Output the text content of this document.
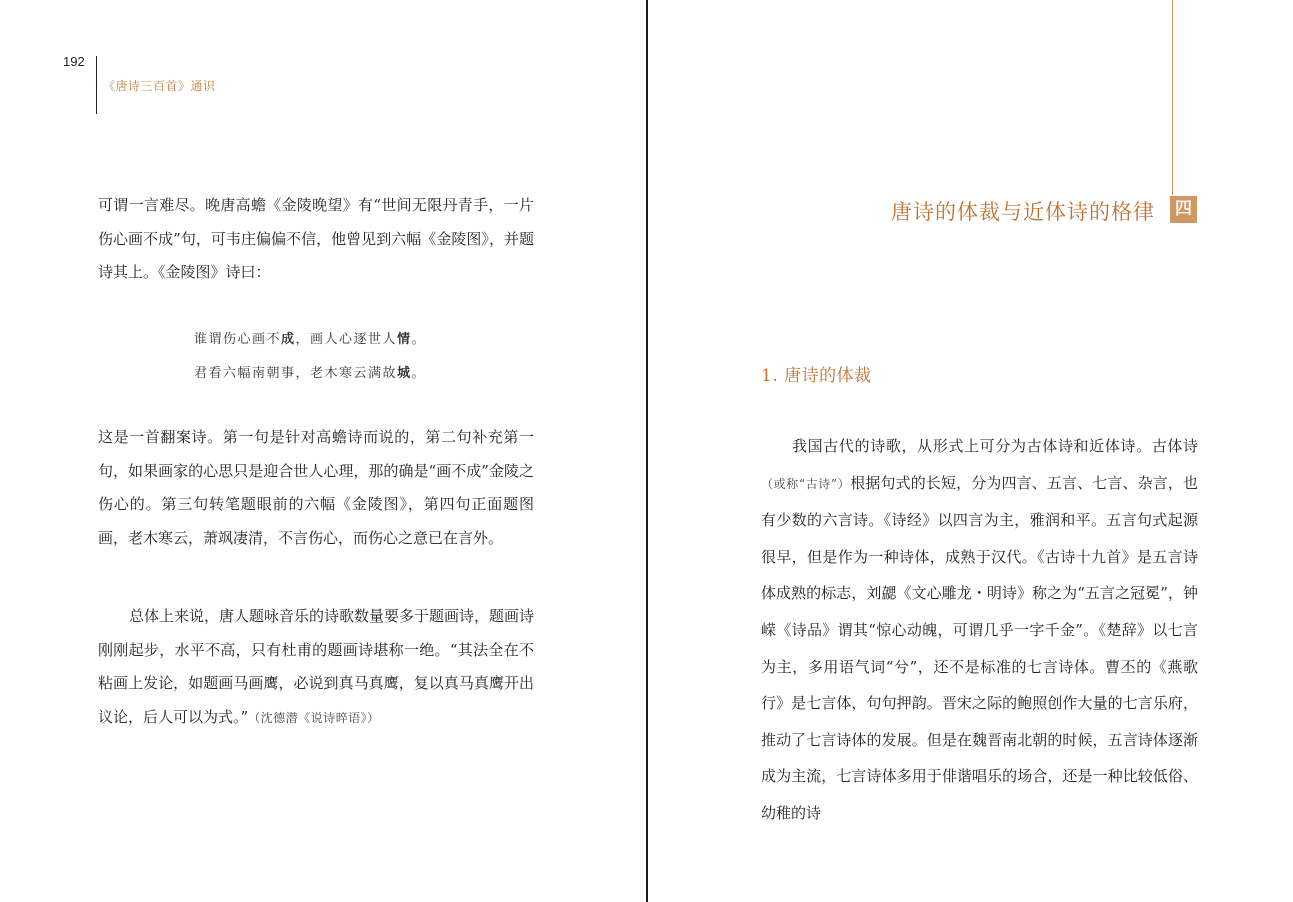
192
《唐诗三百首》通识

可谓一言难尽。晚唐高蟾《金陵晚望》有“世间无限丹青手，一片伤心画不成”句，可韦庄偏偏不信，他曾见到六幅《金陵图》，并题诗其上。《金陵图》诗曰：

谁谓伤心画不成，画人心逐世人情。
君看六幅南朝事，老木寒云满故城。

这是一首翻案诗。第一句是针对高蟾诗而说的，第二句补充第一句，如果画家的心思只是迎合世人心理，那的确是“画不成”金陵之伤心的。第三句转笔题眼前的六幅《金陵图》，第四句正面题图画，老木寒云，萧飒凄清，不言伤心，而伤心之意已在言外。

总体上来说，唐人题咏音乐的诗歌数量要多于题画诗，题画诗刚刚起步，水平不高，只有杜甫的题画诗堪称一绝。“其法全在不粘画上发论，如题画马画鹰，必说到真马真鹰，复以真马真鹰开出议论，后人可以为式。”（沈德潜《说诗晬语》）

唐诗的体裁与近体诗的格律 四
1. 唐诗的体裁

我国古代的诗歌，从形式上可分为古体诗和近体诗。古体诗（或称“古诗”）根据句式的长短，分为四言、五言、七言、杂言，也有少数的六言诗。《诗经》以四言为主，雅润和平。五言句式起源很早，但是作为一种诗体，成熟于汉代。《古诗十九首》是五言诗体成熟的标志，刘勰《文心雕龙・明诗》称之为“五言之冠冕”，钟嵘《诗品》谓其“惊心动魄，可谓几乎一字千金”。《楚辞》以七言为主，多用语气词“兮”，还不是标准的七言诗体。曹丕的《燕歌行》是七言体，句句押韵。晋宋之际的鲍照创作大量的七言乐府，推动了七言诗体的发展。但是在魏晋南北朝的时候，五言诗体逐渐成为主流，七言诗体多用于俳谐唱乐的场合，还是一种比较低俗、幼稚的诗
